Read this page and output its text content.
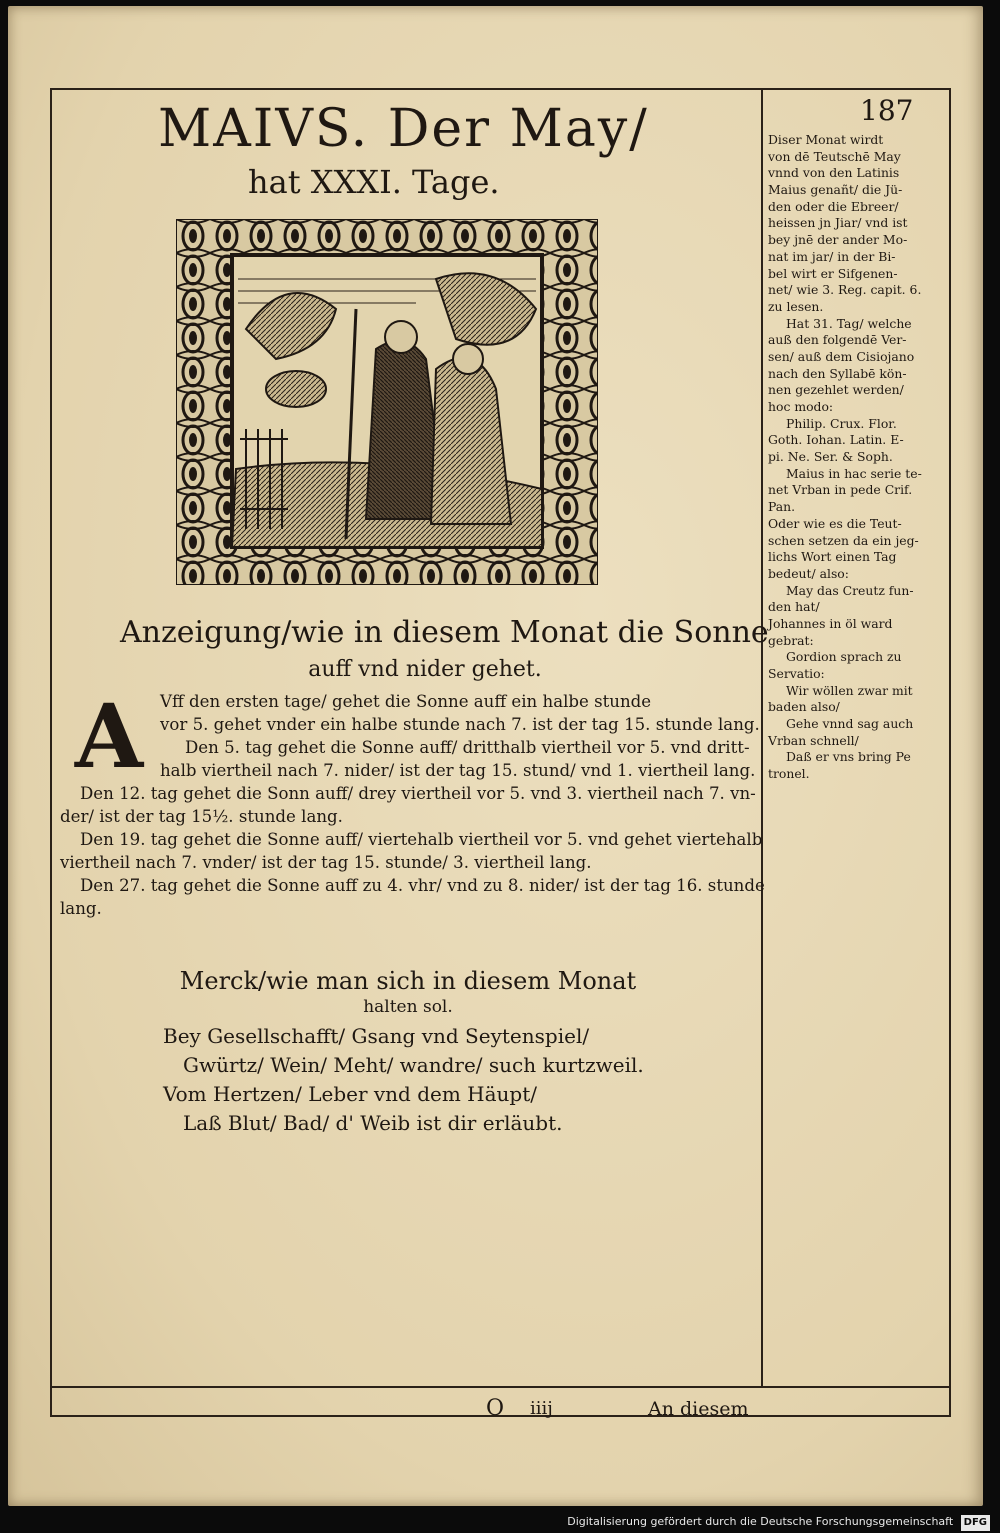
MAIVS. Der May/
hat XXXI. Tage.
187
Anzeigung/wie in diesem Monat die Sonne
auff vnd nider gehet.
A	Vff den ersten tage/ gehet die Sonne auff ein halbe stunde
vor 5. gehet vnder ein halbe stunde nach 7. ist der tag 15. stunde lang.
Den 5. tag gehet die Sonne auff/ dritthalb viertheil vor 5. vnd dritt-
halb viertheil nach 7. nider/ ist der tag 15. stund/ vnd 1. viertheil lang.
Den 12. tag gehet die Sonn auff/ drey viertheil vor 5. vnd 3. viertheil nach 7. vn-
der/ ist der tag 15½. stunde lang.
Den 19. tag gehet die Sonne auff/ viertehalb viertheil vor 5. vnd gehet viertehalb
viertheil nach 7. vnder/ ist der tag 15. stunde/ 3. viertheil lang.
Den 27. tag gehet die Sonne auff zu 4. vhr/ vnd zu 8. nider/ ist der tag 16. stunde
lang.
Merck/wie man sich in diesem Monat
halten sol.
Bey Gesellschafft/ Gsang vnd Seytenspiel/
Gwürtz/ Wein/ Meht/ wandre/ such kurtzweil.
Vom Hertzen/ Leber vnd dem Häupt/
Laß Blut/ Bad/ d' Weib ist dir erläubt.
Diser Monat wirdt
von dē Teutschē May
vnnd von den Latinis
Maius genañt/ die Jü-
den oder die Ebreer/
heissen jn Jiar/ vnd ist
bey jnē der ander Mo-
nat im jar/ in der Bi-
bel wirt er Sifgenen-
net/ wie 3. Reg. capit. 6.
zu lesen.
Hat 31. Tag/ welche
auß den folgendē Ver-
sen/ auß dem Cisiojano
nach den Syllabē kön-
nen gezehlet werden/
hoc modo:
Philip. Crux. Flor.
Goth. Iohan. Latin. E-
pi. Ne. Ser. & Soph.
Maius in hac serie te-
net Vrban in pede Crif.
Pan.
Oder wie es die Teut-
schen setzen da ein jeg-
lichs Wort einen Tag
bedeut/ also:
May das Creutz fun-
den hat/
Johannes in öl ward
gebrat:
Gordion sprach zu
Servatio:
Wir wöllen zwar mit
baden also/
Gehe vnnd sag auch
Vrban schnell/
Daß er vns bring Pe
tronel.
O iiij	An diesem
Digitalisierung gefördert durch die Deutsche Forschungsgemeinschaft DFG
